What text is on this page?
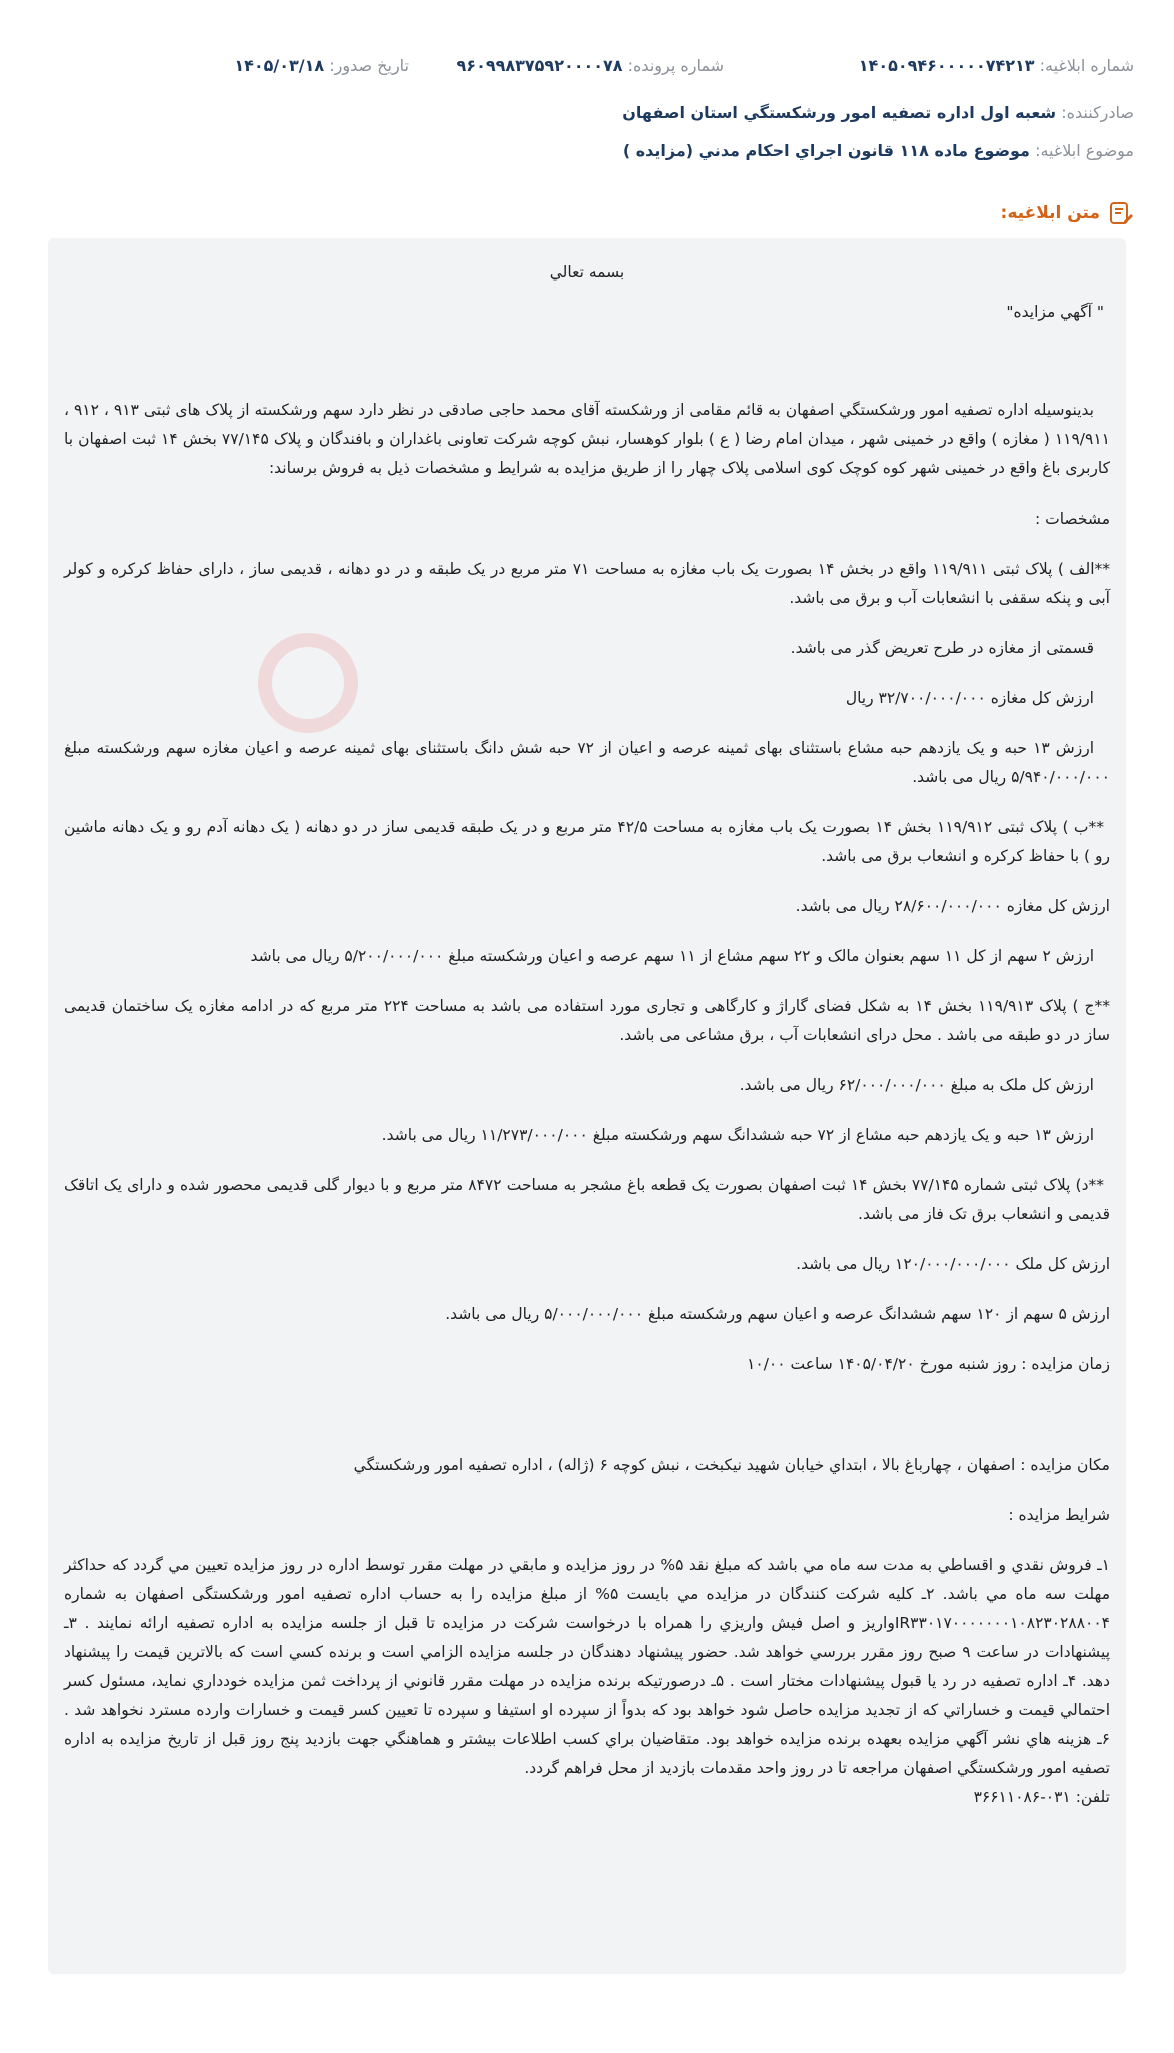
شماره ابلاغيه: ۱۴۰۵۰۹۴۶۰۰۰۰۰۷۴۲۱۳
شماره پرونده: ۹۶۰۹۹۸۳۷۵۹۲۰۰۰۰۷۸
تاريخ صدور: ۱۴۰۵/۰۳/۱۸
صادرکننده: شعبه اول اداره تصفيه امور ورشکستگي استان اصفهان
موضوع ابلاغيه: موضوع ماده ۱۱۸ قانون اجراي احکام مدني (مزايده )
متن ابلاغيه:

بسمه تعالي

" آگهي مزايده"

بدينوسيله اداره تصفيه امور ورشکستگي اصفهان به قائم مقامی از ورشکسته آقای محمد حاجی صادقی در نظر دارد سهم ورشکسته از پلاک های ثبتی ۹۱۳ ، ۹۱۲ ، ۱۱۹/۹۱۱ ( مغازه ) واقع در خمینی شهر ، میدان امام رضا ( ع ) بلوار کوهسار، نبش کوچه شرکت تعاونی باغداران و بافندگان و پلاک ۷۷/۱۴۵ بخش ۱۴ ثبت اصفهان با کاربری باغ واقع در خمینی شهر کوه کوچک کوی اسلامی پلاک چهار را از طریق مزایده به شرایط و مشخصات ذیل به فروش برساند:

مشخصات :

**الف ) پلاک ثبتی ۱۱۹/۹۱۱ واقع در بخش ۱۴ بصورت یک باب مغازه به مساحت ۷۱ متر مربع در یک طبقه و در دو دهانه ، قدیمی ساز ، دارای حفاظ کرکره و کولر آبی و پنکه سقفی با انشعابات آب و برق می باشد.

قسمتی از مغازه در طرح تعریض گذر می باشد.

ارزش کل مغازه ۳۲/۷۰۰/۰۰۰/۰۰۰ ریال

ارزش ۱۳ حبه و یک یازدهم حبه مشاع باستثنای بهای ثمینه عرصه و اعیان از ۷۲ حبه شش دانگ باستثنای بهای ثمینه عرصه و اعیان مغازه سهم ورشکسته مبلغ ۵/۹۴۰/۰۰۰/۰۰۰ ریال می باشد.

**ب ) پلاک ثبتی ۱۱۹/۹۱۲ بخش ۱۴ بصورت یک باب مغازه به مساحت ۴۲/۵ متر مربع و در یک طبقه قدیمی ساز در دو دهانه ( یک دهانه آدم رو و یک دهانه ماشین رو ) با حفاظ کرکره و انشعاب برق می باشد.

ارزش کل مغازه ۲۸/۶۰۰/۰۰۰/۰۰۰ ریال می باشد.

ارزش ۲ سهم از کل ۱۱ سهم بعنوان مالک و ۲۲ سهم مشاع از ۱۱ سهم عرصه و اعیان ورشکسته مبلغ ۵/۲۰۰/۰۰۰/۰۰۰ ریال می باشد

**ج ) پلاک ۱۱۹/۹۱۳ بخش ۱۴ به شکل فضای گاراژ و کارگاهی و تجاری مورد استفاده می باشد به مساحت ۲۲۴ متر مربع که در ادامه مغازه یک ساختمان قدیمی ساز در دو طبقه می باشد . محل درای انشعابات آب ، برق مشاعی می باشد.

ارزش کل ملک به مبلغ ۶۲/۰۰۰/۰۰۰/۰۰۰ ریال می باشد.

ارزش ۱۳ حبه و یک یازدهم حبه مشاع از ۷۲ حبه ششدانگ سهم ورشکسته مبلغ ۱۱/۲۷۳/۰۰۰/۰۰۰ ریال می باشد.

**د) پلاک ثبتی شماره ۷۷/۱۴۵ بخش ۱۴ ثبت اصفهان بصورت یک قطعه باغ مشجر به مساحت ۸۴۷۲ متر مربع و با دیوار گلی قدیمی محصور شده و دارای یک اتاقک قدیمی و انشعاب برق تک فاز می باشد.

ارزش کل ملک ۱۲۰/۰۰۰/۰۰۰/۰۰۰ ریال می باشد.

ارزش ۵ سهم از ۱۲۰ سهم ششدانگ عرصه و اعیان سهم ورشکسته مبلغ ۵/۰۰۰/۰۰۰/۰۰۰ ریال می باشد.

زمان مزایده : روز شنبه مورخ ۱۴۰۵/۰۴/۲۰ ساعت ۱۰/۰۰

مکان مزایده : اصفهان ، چهارباغ بالا ، ابتداي خيابان شهيد نيكبخت ، نبش كوچه ۶ (ژاله) ، اداره تصفيه امور ورشكستگي

شرایط مزایده :

۱ـ فروش نقدي و اقساطي به مدت سه ماه مي باشد كه مبلغ نقد ۵% در روز مزايده و مابقي در مهلت مقرر توسط اداره در روز مزايده تعيين مي گردد كه حداكثر مهلت سه ماه مي باشد. ۲ـ كليه شركت كنندگان در مزايده مي بايست ۵% از مبلغ مزايده را به حساب اداره تصفیه امور ورشکستگی اصفهان به شماره IR۳۳۰۱۷۰۰۰۰۰۰۰۱۰۸۲۳۰۲۸۸۰۰۴واريز و اصل فيش واريزي را همراه با درخواست شركت در مزايده تا قبل از جلسه مزايده به اداره تصفيه ارائه نمايند . ۳ـ پيشنهادات در ساعت ۹ صبح روز مقرر بررسي خواهد شد. حضور پيشنهاد دهندگان در جلسه مزايده الزامي است و برنده كسي است كه بالاترين قيمت را پيشنهاد دهد. ۴ـ اداره تصفيه در رد يا قبول پيشنهادات مختار است . ۵ـ درصورتيكه برنده مزايده در مهلت مقرر قانوني از پرداخت ثمن مزايده خودداري نمايد، مسئول كسر احتمالي قيمت و خساراتي كه از تجديد مزايده حاصل شود خواهد بود كه بدواً از سپرده او استيفا و سپرده تا تعيين كسر قيمت و خسارات وارده مسترد نخواهد شد . ۶ـ هزينه هاي نشر آگهي مزايده بعهده برنده مزايده خواهد بود. متقاضيان براي كسب اطلاعات بيشتر و هماهنگي جهت بازديد پنج روز قبل از تاريخ مزايده به اداره تصفيه امور ورشكستگي اصفهان مراجعه تا در روز واحد مقدمات بازديد از محل فراهم گردد.

تلفن: ۰۳۱-۳۶۶۱۱۰۸۶
